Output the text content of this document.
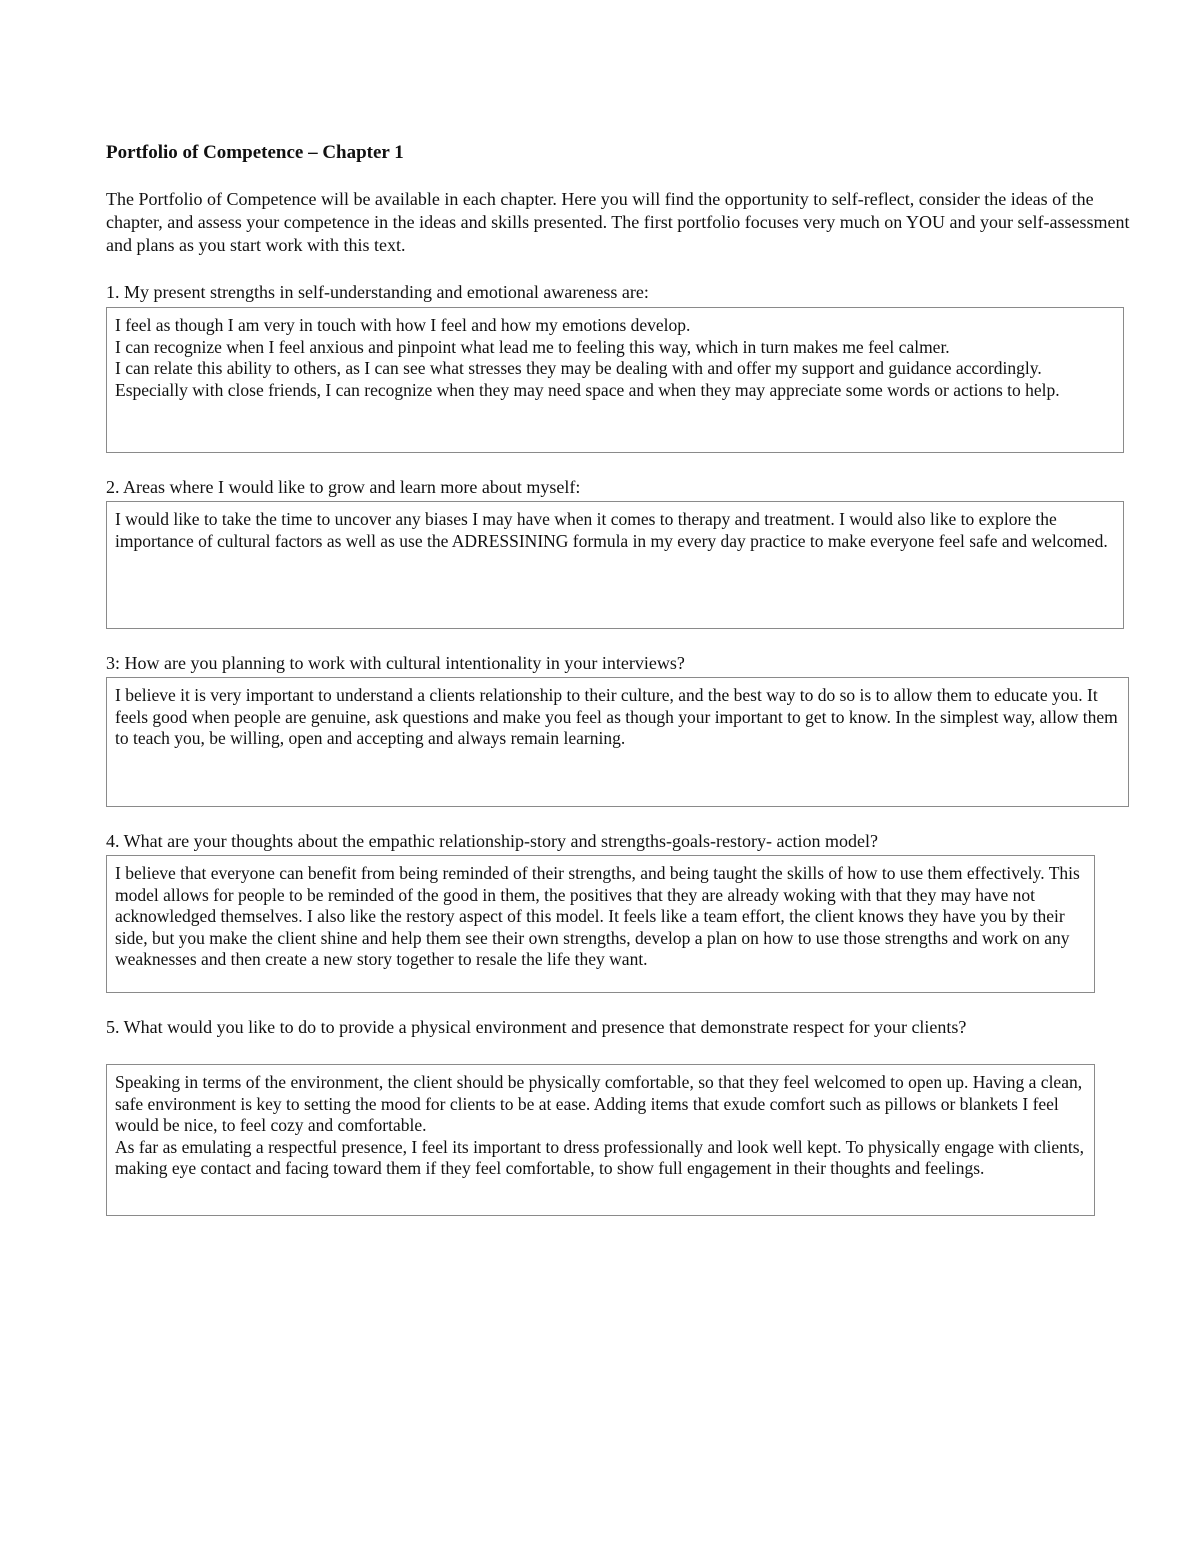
Portfolio of Competence – Chapter 1

The Portfolio of Competence will be available in each chapter. Here you will find the opportunity to self-reflect, consider the ideas of the chapter, and assess your competence in the ideas and skills presented. The first portfolio focuses very much on YOU and your self-assessment and plans as you start work with this text.

1. My present strengths in self-understanding and emotional awareness are:

I feel as though I am very in touch with how I feel and how my emotions develop.

I can recognize when I feel anxious and pinpoint what lead me to feeling this way, which in turn makes me feel calmer.

I can relate this ability to others, as I can see what stresses they may be dealing with and offer my support and guidance accordingly.

Especially with close friends, I can recognize when they may need space and when they may appreciate some words or actions to help.

2. Areas where I would like to grow and learn more about myself:

I would like to take the time to uncover any biases I may have when it comes to therapy and treatment. I would also like to explore the importance of cultural factors as well as use the ADRESSINING formula in my every day practice to make everyone feel safe and welcomed.

3: How are you planning to work with cultural intentionality in your interviews?

I believe it is very important to understand a clients relationship to their culture, and the best way to do so is to allow them to educate you. It feels good when people are genuine, ask questions and make you feel as though your important to get to know. In the simplest way, allow them to teach you, be willing, open and accepting and always remain learning.

4. What are your thoughts about the empathic relationship-story and strengths-goals-restory- action model?

I believe that everyone can benefit from being reminded of their strengths, and being taught the skills of how to use them effectively. This model allows for people to be reminded of the good in them, the positives that they are already woking with that they may have not acknowledged themselves. I also like the restory aspect of this model. It feels like a team effort, the client knows they have you by their side, but you make the client shine and help them see their own strengths, develop a plan on how to use those strengths and work on any weaknesses and then create a new story together to resale the life they want.

5. What would you like to do to provide a physical environment and presence that demonstrate respect for your clients?

Speaking in terms of the environment, the client should be physically comfortable, so that they feel welcomed to open up. Having a clean, safe environment is key to setting the mood for clients to be at ease. Adding items that exude comfort such as pillows or blankets I feel would be nice, to feel cozy and comfortable.

As far as emulating a respectful presence, I feel its important to dress professionally and look well kept. To physically engage with clients, making eye contact and facing toward them if they feel comfortable, to show full engagement in their thoughts and feelings.
